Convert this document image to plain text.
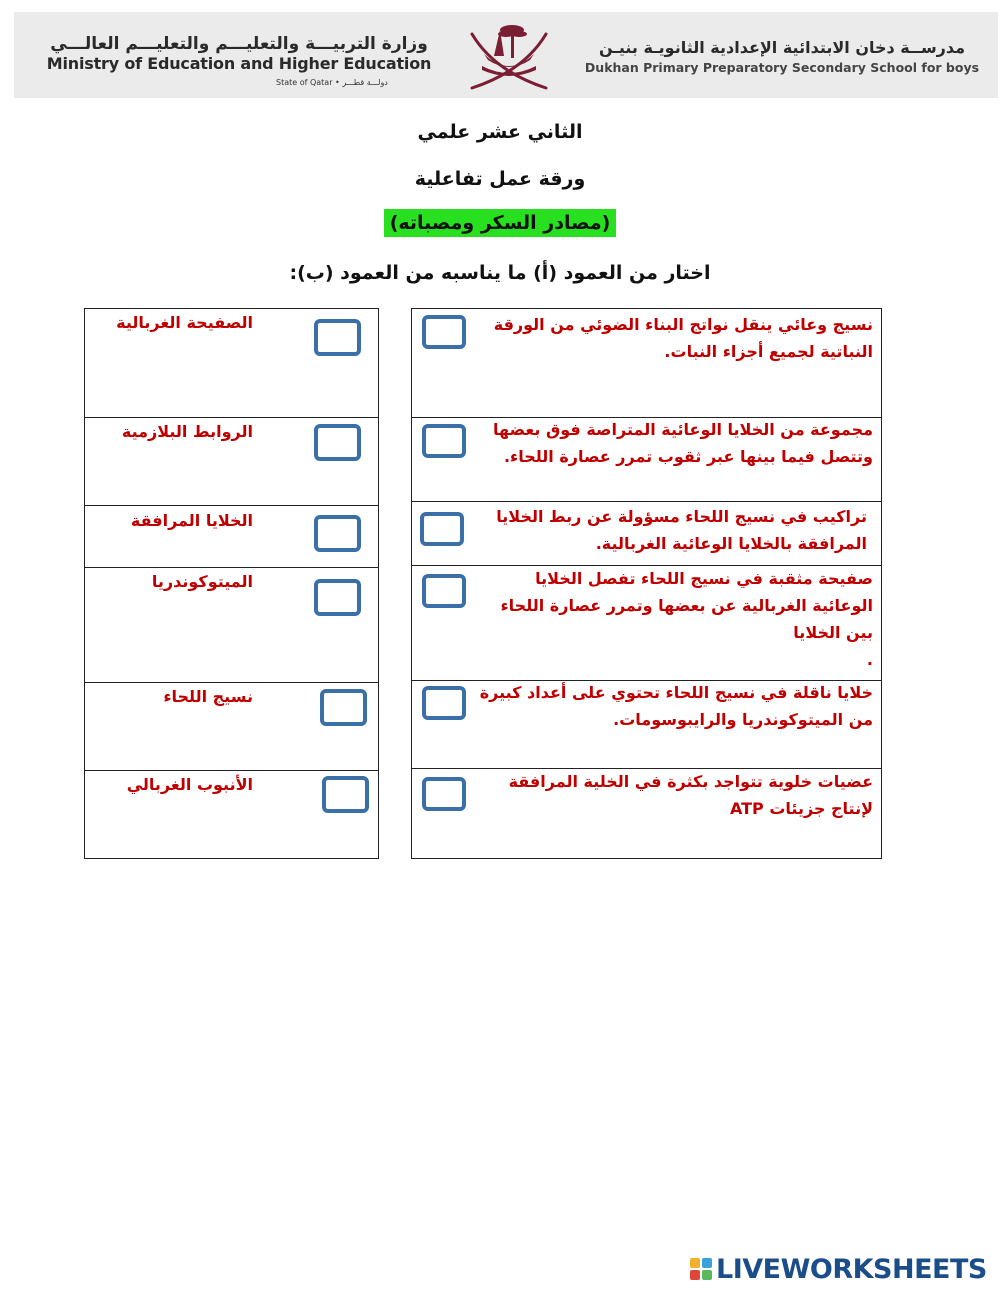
وزارة التربيـــة والتعليـــم والتعليـــم العالـــي
Ministry of Education and Higher Education
State of Qatar • دولـــة قطـــر
مدرســة دخان الابتدائية الإعدادية الثانويـة بنيـن
Dukhan Primary Preparatory Secondary School for boys
الثاني عشر علمي
ورقة عمل تفاعلية
(مصادر السكر ومصباته)
اختار من العمود (أ) ما يناسبه من العمود (ب):
نسيج وعائي ينقل نواتج البناء الضوئي من الورقة النباتية لجميع أجزاء النبات.
مجموعة من الخلايا الوعائية المتراصة فوق بعضها وتتصل فيما بينها عبر ثقوب تمرر عصارة اللحاء.
تراكيب في نسيج اللحاء مسؤولة عن ربط الخلايا المرافقة بالخلايا الوعائية الغربالية.
صفيحة مثقبة في نسيج اللحاء تفصل الخلايا الوعائية الغربالية عن بعضها وتمرر عصارة اللحاء بين الخلايا
.
خلايا ناقلة في نسيج اللحاء تحتوي على أعداد كبيرة من الميتوكوندريا والرايبوسومات.
عضيات خلوية تتواجد بكثرة في الخلية المرافقة لإنتاج جزيئات ATP
الصفيحة الغربالية
الروابط البلازمية
الخلايا المرافقة
الميتوكوندريا
نسيج اللحاء
الأنبوب الغربالي
LIVEWORKSHEETS
